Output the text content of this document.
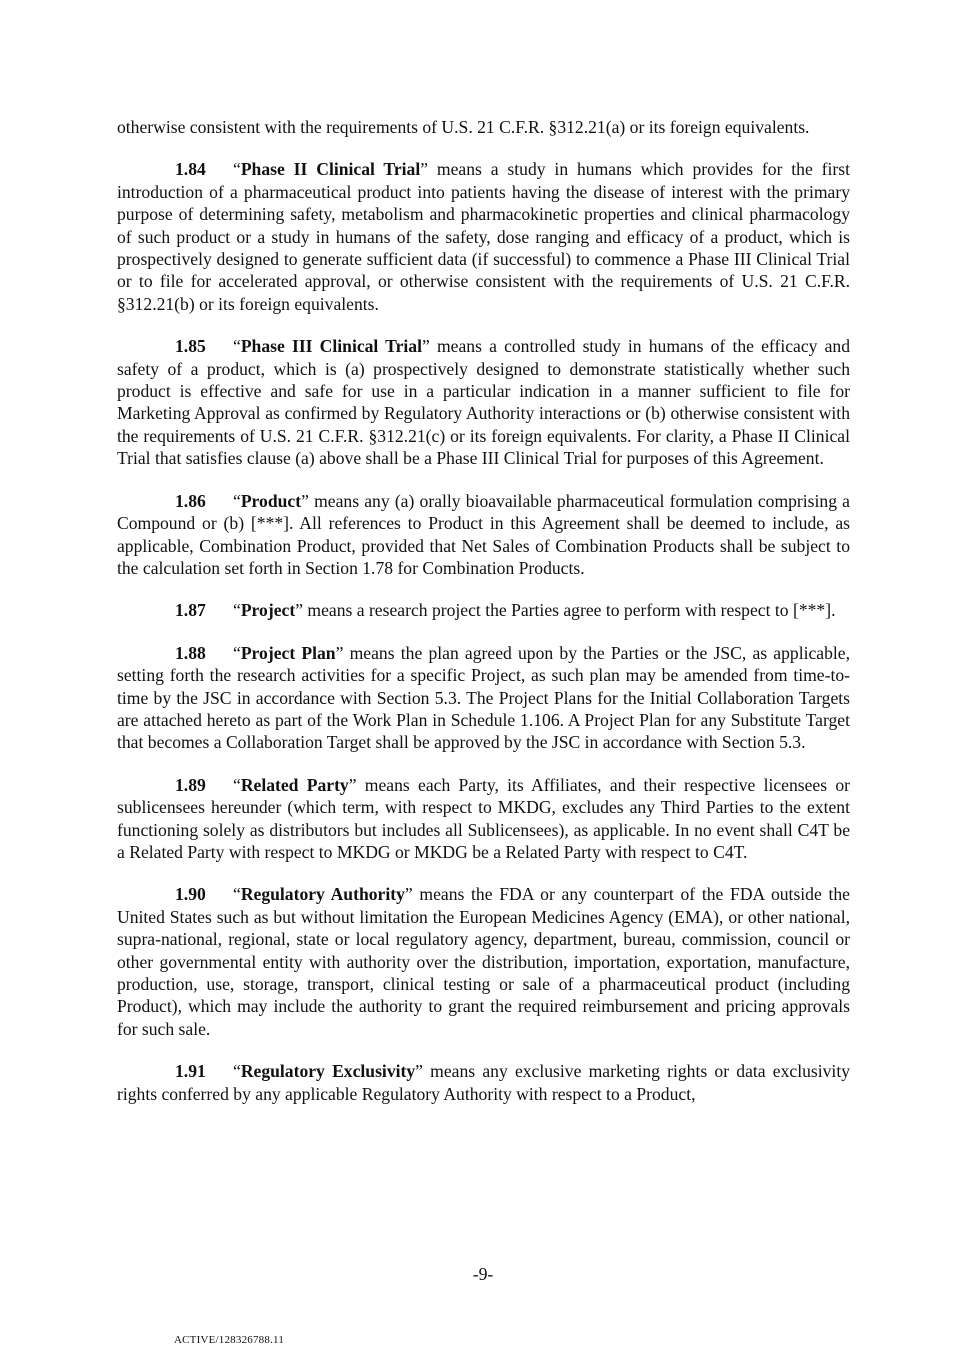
otherwise consistent with the requirements of U.S. 21 C.F.R. §312.21(a) or its foreign equivalents.

1.84 “Phase II Clinical Trial” means a study in humans which provides for the first introduction of a pharmaceutical product into patients having the disease of interest with the primary purpose of determining safety, metabolism and pharmacokinetic properties and clinical pharmacology of such product or a study in humans of the safety, dose ranging and efficacy of a product, which is prospectively designed to generate sufficient data (if successful) to commence a Phase III Clinical Trial or to file for accelerated approval, or otherwise consistent with the requirements of U.S. 21 C.F.R. §312.21(b) or its foreign equivalents.

1.85 “Phase III Clinical Trial” means a controlled study in humans of the efficacy and safety of a product, which is (a) prospectively designed to demonstrate statistically whether such product is effective and safe for use in a particular indication in a manner sufficient to file for Marketing Approval as confirmed by Regulatory Authority interactions or (b) otherwise consistent with the requirements of U.S. 21 C.F.R. §312.21(c) or its foreign equivalents. For clarity, a Phase II Clinical Trial that satisfies clause (a) above shall be a Phase III Clinical Trial for purposes of this Agreement.

1.86 “Product” means any (a) orally bioavailable pharmaceutical formulation comprising a Compound or (b) [***]. All references to Product in this Agreement shall be deemed to include, as applicable, Combination Product, provided that Net Sales of Combination Products shall be subject to the calculation set forth in Section 1.78 for Combination Products.

1.87 “Project” means a research project the Parties agree to perform with respect to [***].

1.88 “Project Plan” means the plan agreed upon by the Parties or the JSC, as applicable, setting forth the research activities for a specific Project, as such plan may be amended from time-to-time by the JSC in accordance with Section 5.3. The Project Plans for the Initial Collaboration Targets are attached hereto as part of the Work Plan in Schedule 1.106. A Project Plan for any Substitute Target that becomes a Collaboration Target shall be approved by the JSC in accordance with Section 5.3.

1.89 “Related Party” means each Party, its Affiliates, and their respective licensees or sublicensees hereunder (which term, with respect to MKDG, excludes any Third Parties to the extent functioning solely as distributors but includes all Sublicensees), as applicable. In no event shall C4T be a Related Party with respect to MKDG or MKDG be a Related Party with respect to C4T.

1.90 “Regulatory Authority” means the FDA or any counterpart of the FDA outside the United States such as but without limitation the European Medicines Agency (EMA), or other national, supra-national, regional, state or local regulatory agency, department, bureau, commission, council or other governmental entity with authority over the distribution, importation, exportation, manufacture, production, use, storage, transport, clinical testing or sale of a pharmaceutical product (including Product), which may include the authority to grant the required reimbursement and pricing approvals for such sale.

1.91 “Regulatory Exclusivity” means any exclusive marketing rights or data exclusivity rights conferred by any applicable Regulatory Authority with respect to a Product,

-9-
ACTIVE/128326788.11
